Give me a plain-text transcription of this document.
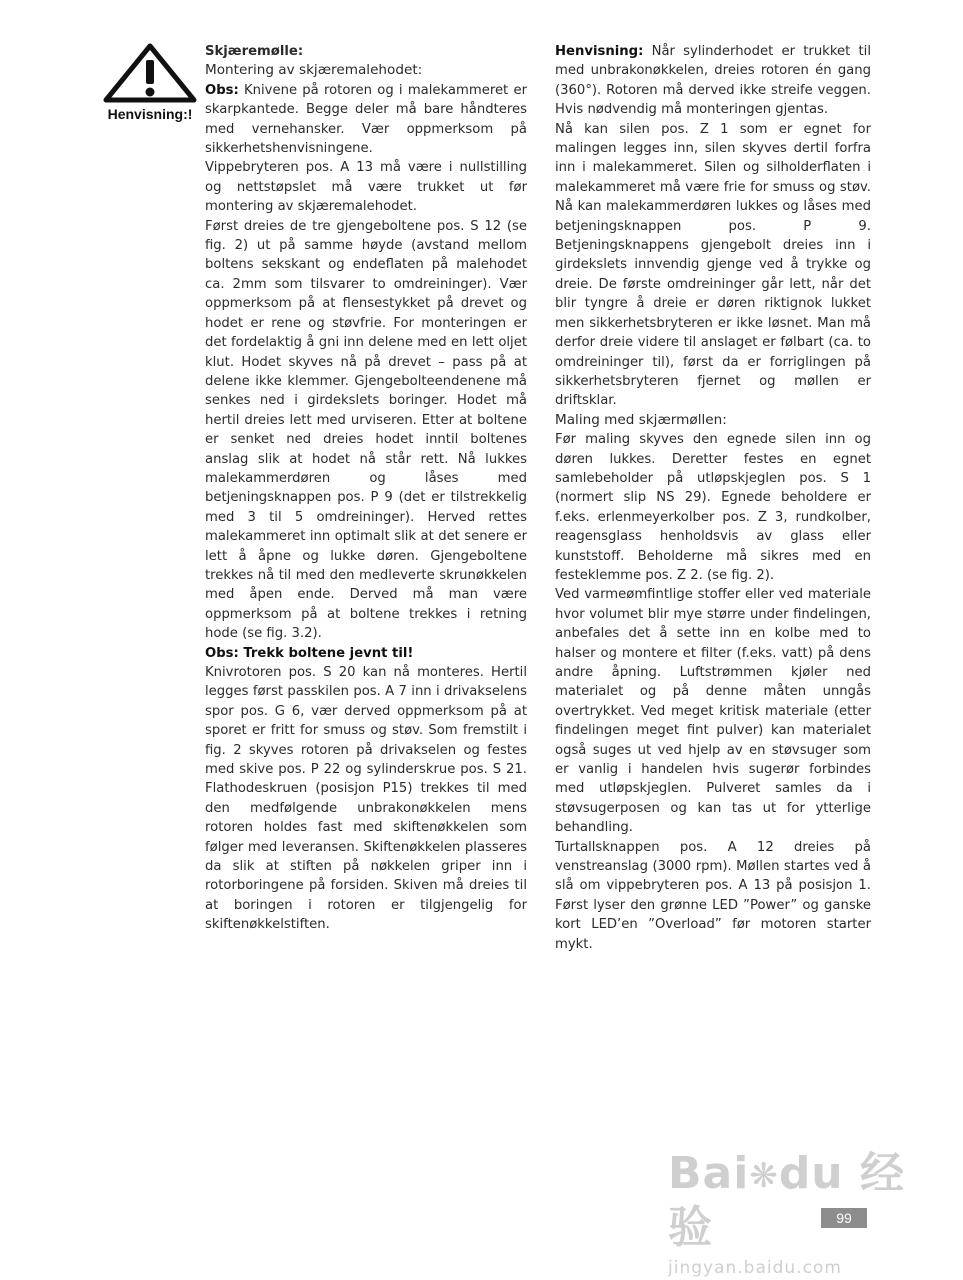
Henvisning:!

Skjæremølle:

Montering av skjæremalehodet:

Obs: Knivene på rotoren og i malekammeret er skarpkantede. Begge deler må bare håndteres med vernehansker. Vær oppmerksom på sikkerhetshenvisningene.

Vippebryteren pos. A 13 må være i nullstilling og nettstøpslet må være trukket ut før montering av skjæremalehodet.

Først dreies de tre gjengeboltene pos. S 12 (se fig. 2) ut på samme høyde (avstand mellom boltens sekskant og endeflaten på malehodet ca. 2mm som tilsvarer to omdreininger). Vær oppmerksom på at flensestykket på drevet og hodet er rene og støvfrie. For monteringen er det fordelaktig å gni inn delene med en lett oljet klut. Hodet skyves nå på drevet – pass på at delene ikke klemmer. Gjengebolteendenene må senkes ned i girdekslets boringer. Hodet må hertil dreies lett med urviseren. Etter at boltene er senket ned dreies hodet inntil boltenes anslag slik at hodet nå står rett. Nå lukkes malekammerdøren og låses med betjeningsknappen pos. P 9 (det er tilstrekkelig med 3 til 5 omdreininger). Herved rettes malekammeret inn optimalt slik at det senere er lett å åpne og lukke døren. Gjengeboltene trekkes nå til med den medleverte skrunøkkelen med åpen ende. Derved må man være oppmerksom på at boltene trekkes i retning hode (se fig. 3.2).

Obs: Trekk boltene jevnt til!

Knivrotoren pos. S 20 kan nå monteres. Hertil legges først passkilen pos. A 7 inn i drivakselens spor pos. G 6, vær derved oppmerksom på at sporet er fritt for smuss og støv. Som fremstilt i fig. 2 skyves rotoren på drivakselen og festes med skive pos. P 22 og sylinderskrue pos. S 21. Flathodeskruen (posisjon P15) trekkes til med den medfølgende unbrakonøkkelen mens rotoren holdes fast med skiftenøkkelen som følger med leveransen. Skiftenøkkelen plasseres da slik at stiften på nøkkelen griper inn i rotorboringene på forsiden. Skiven må dreies til at boringen i rotoren er tilgjengelig for skiftenøkkelstiften.

Henvisning: Når sylinderhodet er trukket til med unbrakonøkkelen, dreies rotoren én gang (360°). Rotoren må derved ikke streife veggen. Hvis nødvendig må monteringen gjentas.

Nå kan silen pos. Z 1 som er egnet for malingen legges inn, silen skyves dertil forfra inn i malekammeret. Silen og silholderflaten i malekammeret må være frie for smuss og støv. Nå kan malekammerdøren lukkes og låses med betjeningsknappen pos. P 9. Betjeningsknappens gjengebolt dreies inn i girdekslets innvendig gjenge ved å trykke og dreie. De første omdreininger går lett, når det blir tyngre å dreie er døren riktignok lukket men sikkerhetsbryteren er ikke løsnet. Man må derfor dreie videre til anslaget er følbart (ca. to omdreininger til), først da er forriglingen på sikkerhetsbryteren fjernet og møllen er driftsklar.

Maling med skjærmøllen:

Før maling skyves den egnede silen inn og døren lukkes. Deretter festes en egnet samlebeholder på utløpskjeglen pos. S 1 (normert slip NS 29). Egnede beholdere er f.eks. erlenmeyerkolber pos. Z 3, rundkolber, reagensglass henholdsvis av glass eller kunststoff. Beholderne må sikres med en festeklemme pos. Z 2. (se fig. 2).

Ved varmeømfintlige stoffer eller ved materiale hvor volumet blir mye større under findelingen, anbefales det å sette inn en kolbe med to halser og montere et filter (f.eks. vatt) på dens andre åpning. Luftstrømmen kjøler ned materialet og på denne måten unngås overtrykket. Ved meget kritisk materiale (etter findelingen meget fint pulver) kan materialet også suges ut ved hjelp av en støvsuger som er vanlig i handelen hvis sugerør forbindes med utløpskjeglen. Pulveret samles da i støvsugerposen og kan tas ut for ytterlige behandling.

Turtallsknappen pos. A 12 dreies på venstreanslag (3000 rpm). Møllen startes ved å slå om vippebryteren pos. A 13 på posisjon 1. Først lyser den grønne LED ”Power” og ganske kort LED’en ”Overload” før motoren starter mykt.

Bai❋du 经验
jingyan.baidu.com
99
